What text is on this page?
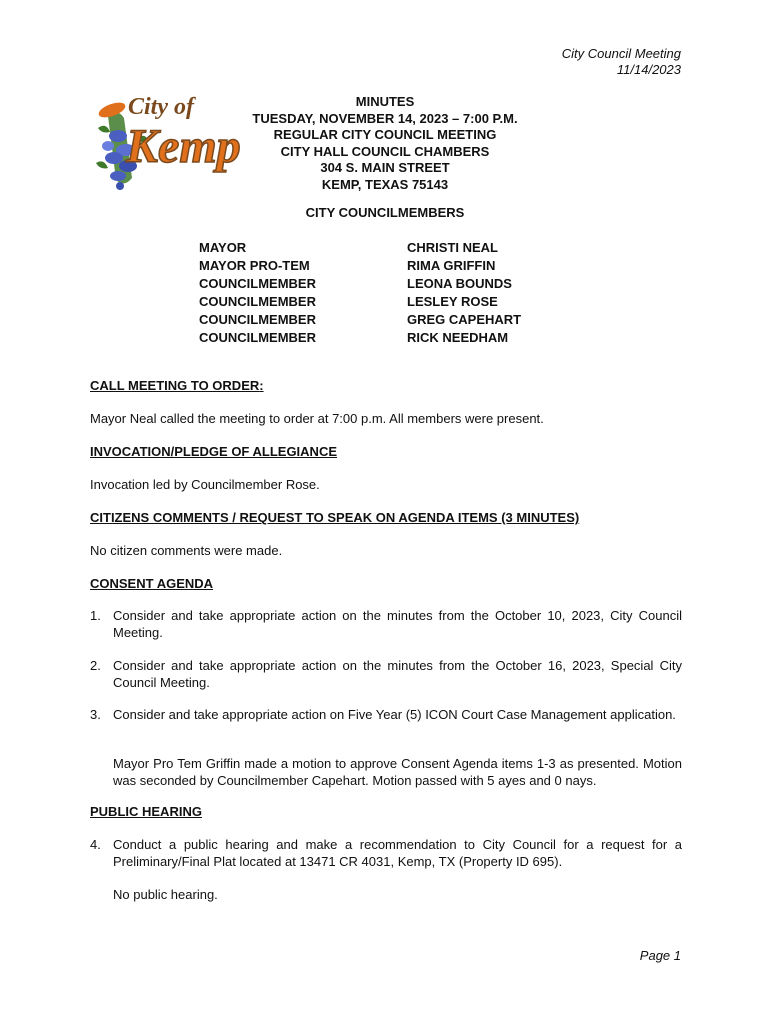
City Council Meeting
11/14/2023
City of
Kemp
MINUTES
TUESDAY, NOVEMBER 14, 2023 – 7:00 P.M.
REGULAR CITY COUNCIL MEETING
CITY HALL COUNCIL CHAMBERS
304 S. MAIN STREET
KEMP, TEXAS 75143
CITY COUNCILMEMBERS
MAYOR
MAYOR PRO-TEM
COUNCILMEMBER
COUNCILMEMBER
COUNCILMEMBER
COUNCILMEMBER
CHRISTI NEAL
RIMA GRIFFIN
LEONA BOUNDS
LESLEY ROSE
GREG CAPEHART
RICK NEEDHAM
CALL MEETING TO ORDER:
Mayor Neal called the meeting to order at 7:00 p.m. All members were present.
INVOCATION/PLEDGE OF ALLEGIANCE
Invocation led by Councilmember Rose.
CITIZENS COMMENTS / REQUEST TO SPEAK ON AGENDA ITEMS (3 MINUTES)
No citizen comments were made.
CONSENT AGENDA
1. Consider and take appropriate action on the minutes from the October 10, 2023, City Council Meeting.
2. Consider and take appropriate action on the minutes from the October 16, 2023, Special City Council Meeting.
3. Consider and take appropriate action on Five Year (5) ICON Court Case Management application.
Mayor Pro Tem Griffin made a motion to approve Consent Agenda items 1-3 as presented. Motion was seconded by Councilmember Capehart. Motion passed with 5 ayes and 0 nays.
PUBLIC HEARING
4. Conduct a public hearing and make a recommendation to City Council for a request for a Preliminary/Final Plat located at 13471 CR 4031, Kemp, TX (Property ID 695).
No public hearing.
Page 1
